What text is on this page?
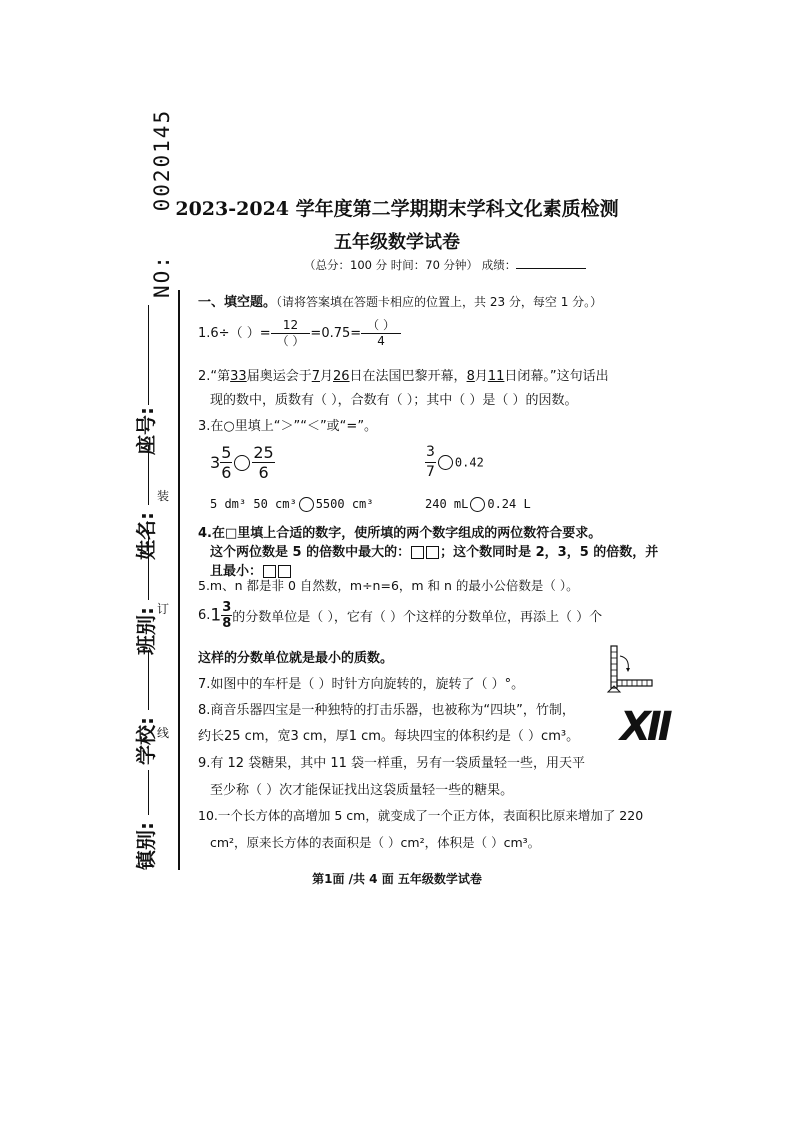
NO: 0020145
座号:
姓名:
班别:
学校:
镇别:
装
订
线
2023-2024 学年度第二学期期末学科文化素质检测
五年级数学试卷
（总分：100 分 时间：70 分钟） 成绩：
一、填空题。（请将答案填在答题卡相应的位置上，共 23 分，每空 1 分。）
1.6÷（ ）= $\frac{12}{( )} =0.75= \frac{( )}{4}$
2.“第33届奥运会于7月26日在法国巴黎开幕，8月11日闭幕。”这句话出
现的数中，质数有（ ），合数有（ ）；其中（ ）是（ ）的因数。
3.在○里填上“＞”“＜”或“=”。
$3 \frac{5}{6} \frac{25}{6}$	$\frac{3}{7} 0.42$
5 dm³ 50 cm³ 5500 cm³	240 mL 0.24 L
4.在□里填上合适的数字，使所填的两个数字组成的两位数符合要求。
这个两位数是 5 的倍数中最大的： ；这个数同时是 2，3，5 的倍数，并
且最小：
5.m、n 都是非 0 自然数，m÷n=6，m 和 n 的最小公倍数是（ ）。
$6.1 \frac{3}{8}$ 的分数单位是（ ），它有（ ）个这样的分数单位，再添上（ ）个
这样的分数单位就是最小的质数。
7.如图中的车杆是（ ）时针方向旋转的，旋转了（ ）°。
8.商音乐器四宝是一种独特的打击乐器，也被称为“四块”，竹制，
约长25 cm，宽3 cm，厚1 cm。每块四宝的体积约是（ ）cm³。 XII
9.有 12 袋糖果，其中 11 袋一样重，另有一袋质量轻一些，用天平
至少称（ ）次才能保证找出这袋质量轻一些的糖果。
10.一个长方体的高增加 5 cm，就变成了一个正方体，表面积比原来增加了 220
cm²，原来长方体的表面积是（ ）cm²，体积是（ ）cm³。
第1面 /共 4 面 五年级数学试卷
